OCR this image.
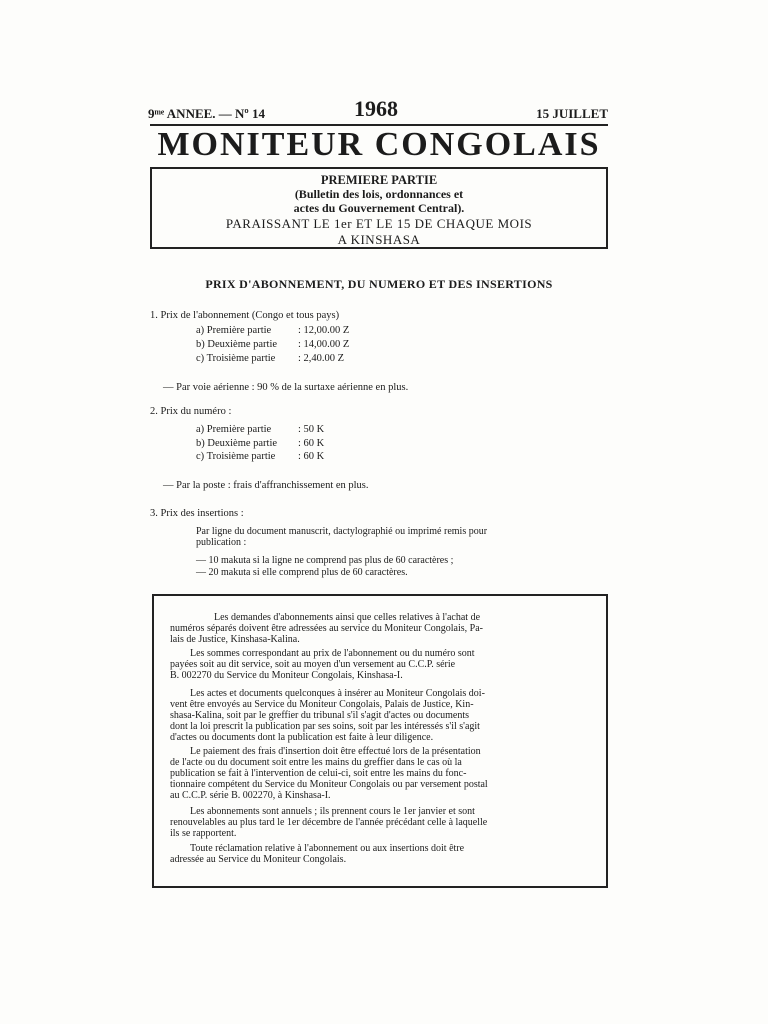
9ᵐᵉ ANNEE. — Nº 14	1968	15 JUILLET
MONITEUR CONGOLAIS
PREMIERE PARTIE
(Bulletin des lois, ordonnances et
actes du Gouvernement Central).
PARAISSANT LE 1er ET LE 15 DE CHAQUE MOIS
A KINSHASA
PRIX D'ABONNEMENT, DU NUMERO ET DES INSERTIONS
1. Prix de l'abonnement (Congo et tous pays)
a) Première partie	: 12,00.00 Z
b) Deuxième partie : 14,00.00 Z
c) Troisième partie : 2,40.00 Z
— Par voie aérienne : 90 % de la surtaxe aérienne en plus.
2. Prix du numéro :
a) Première partie	: 50 K
b) Deuxième partie : 60 K
c) Troisième partie : 60 K
— Par la poste : frais d'affranchissement en plus.
3. Prix des insertions :
Par ligne du document manuscrit, dactylographié ou imprimé remis pour
publication :
— 10 makuta si la ligne ne comprend pas plus de 60 caractères ;
— 20 makuta si elle comprend plus de 60 caractères.
Les demandes d'abonnements ainsi que celles relatives à l'achat de
numéros séparés doivent être adressées au service du Moniteur Congolais, Pa-
lais de Justice, Kinshasa-Kalina.
Les sommes correspondant au prix de l'abonnement ou du numéro sont
payées soit au dit service, soit au moyen d'un versement au C.C.P. série
B. 002270 du Service du Moniteur Congolais, Kinshasa-I.
Les actes et documents quelconques à insérer au Moniteur Congolais doi-
vent être envoyés au Service du Moniteur Congolais, Palais de Justice, Kin-
shasa-Kalina, soit par le greffier du tribunal s'il s'agit d'actes ou documents
dont la loi prescrit la publication par ses soins, soit par les intéressés s'il s'agit
d'actes ou documents dont la publication est faite à leur diligence.
Le paiement des frais d'insertion doit être effectué lors de la présentation
de l'acte ou du document soit entre les mains du greffier dans le cas où la
publication se fait à l'intervention de celui-ci, soit entre les mains du fonc-
tionnaire compétent du Service du Moniteur Congolais ou par versement postal
au C.C.P. série B. 002270, à Kinshasa-I.
Les abonnements sont annuels ; ils prennent cours le 1er janvier et sont
renouvelables au plus tard le 1er décembre de l'année précédant celle à laquelle
ils se rapportent.
Toute réclamation relative à l'abonnement ou aux insertions doit être
adressée au Service du Moniteur Congolais.
